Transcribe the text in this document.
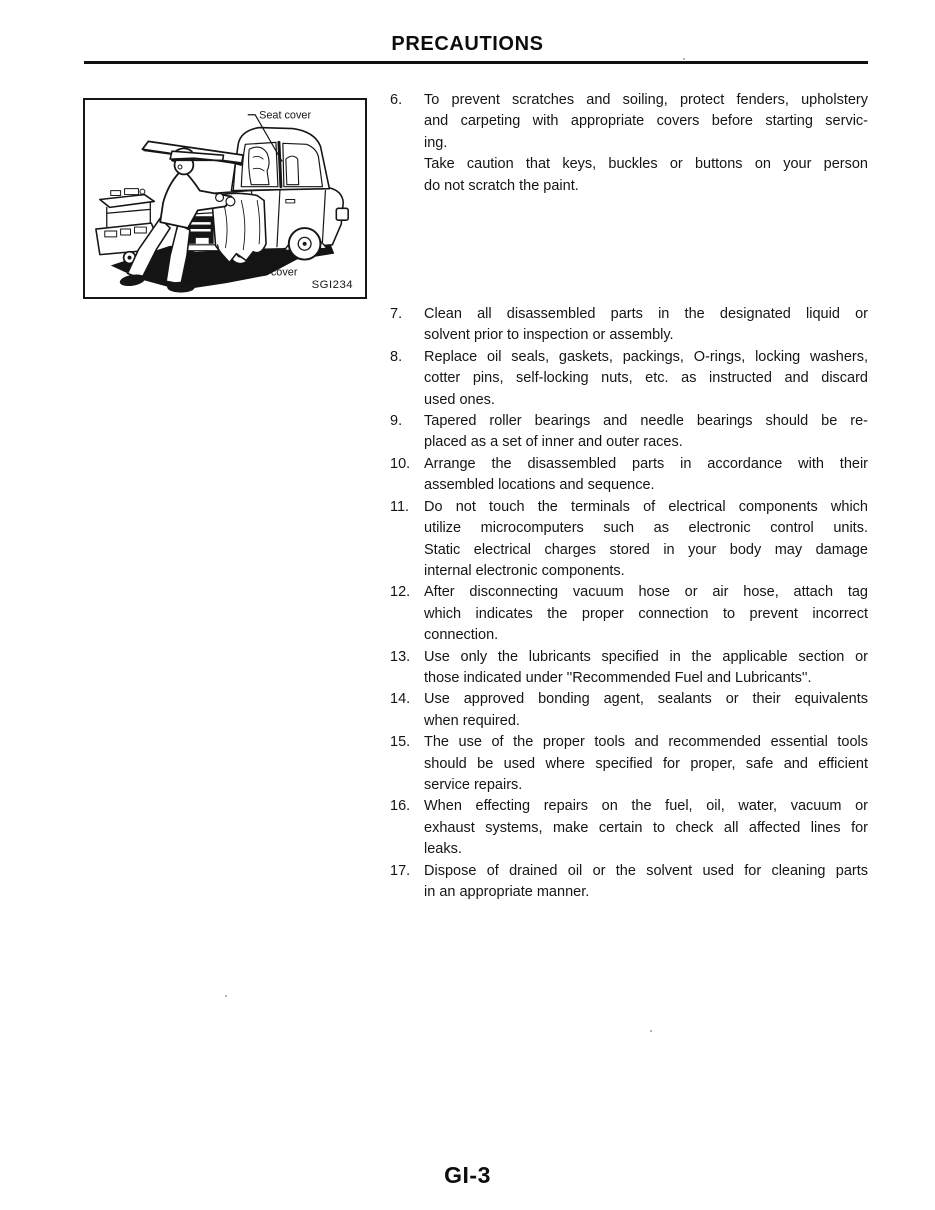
PRECAUTIONS
Seat cover
Fender cover
SGI234
6.	To prevent scratches and soiling, protect fenders, upholstery
and carpeting with appropriate covers before starting servic-
ing.
Take caution that keys, buckles or buttons on your person
do not scratch the paint.
7.	Clean all disassembled parts in the designated liquid or
solvent prior to inspection or assembly.
8.	Replace oil seals, gaskets, packings, O-rings, locking washers,
cotter pins, self-locking nuts, etc. as instructed and discard
used ones.
9.	Tapered roller bearings and needle bearings should be re-
placed as a set of inner and outer races.
10. Arrange the disassembled parts in accordance with their
assembled locations and sequence.
11.	Do not touch the terminals of electrical components which
utilize microcomputers such as electronic control units.
Static electrical charges stored in your body may damage
internal electronic components.
12. After disconnecting vacuum hose or air hose, attach tag
which indicates the proper connection to prevent incorrect
connection.
13. Use only the lubricants specified in the applicable section or
those indicated under ''Recommended Fuel and Lubricants''.
14. Use approved bonding agent, sealants or their equivalents
when required.
15. The use of the proper tools and recommended essential tools
should be used where specified for proper, safe and efficient
service repairs.
16. When effecting repairs on the fuel, oil, water, vacuum or
exhaust systems, make certain to check all affected lines for
leaks.
17. Dispose of drained oil or the solvent used for cleaning parts
in an appropriate manner.
GI-3
